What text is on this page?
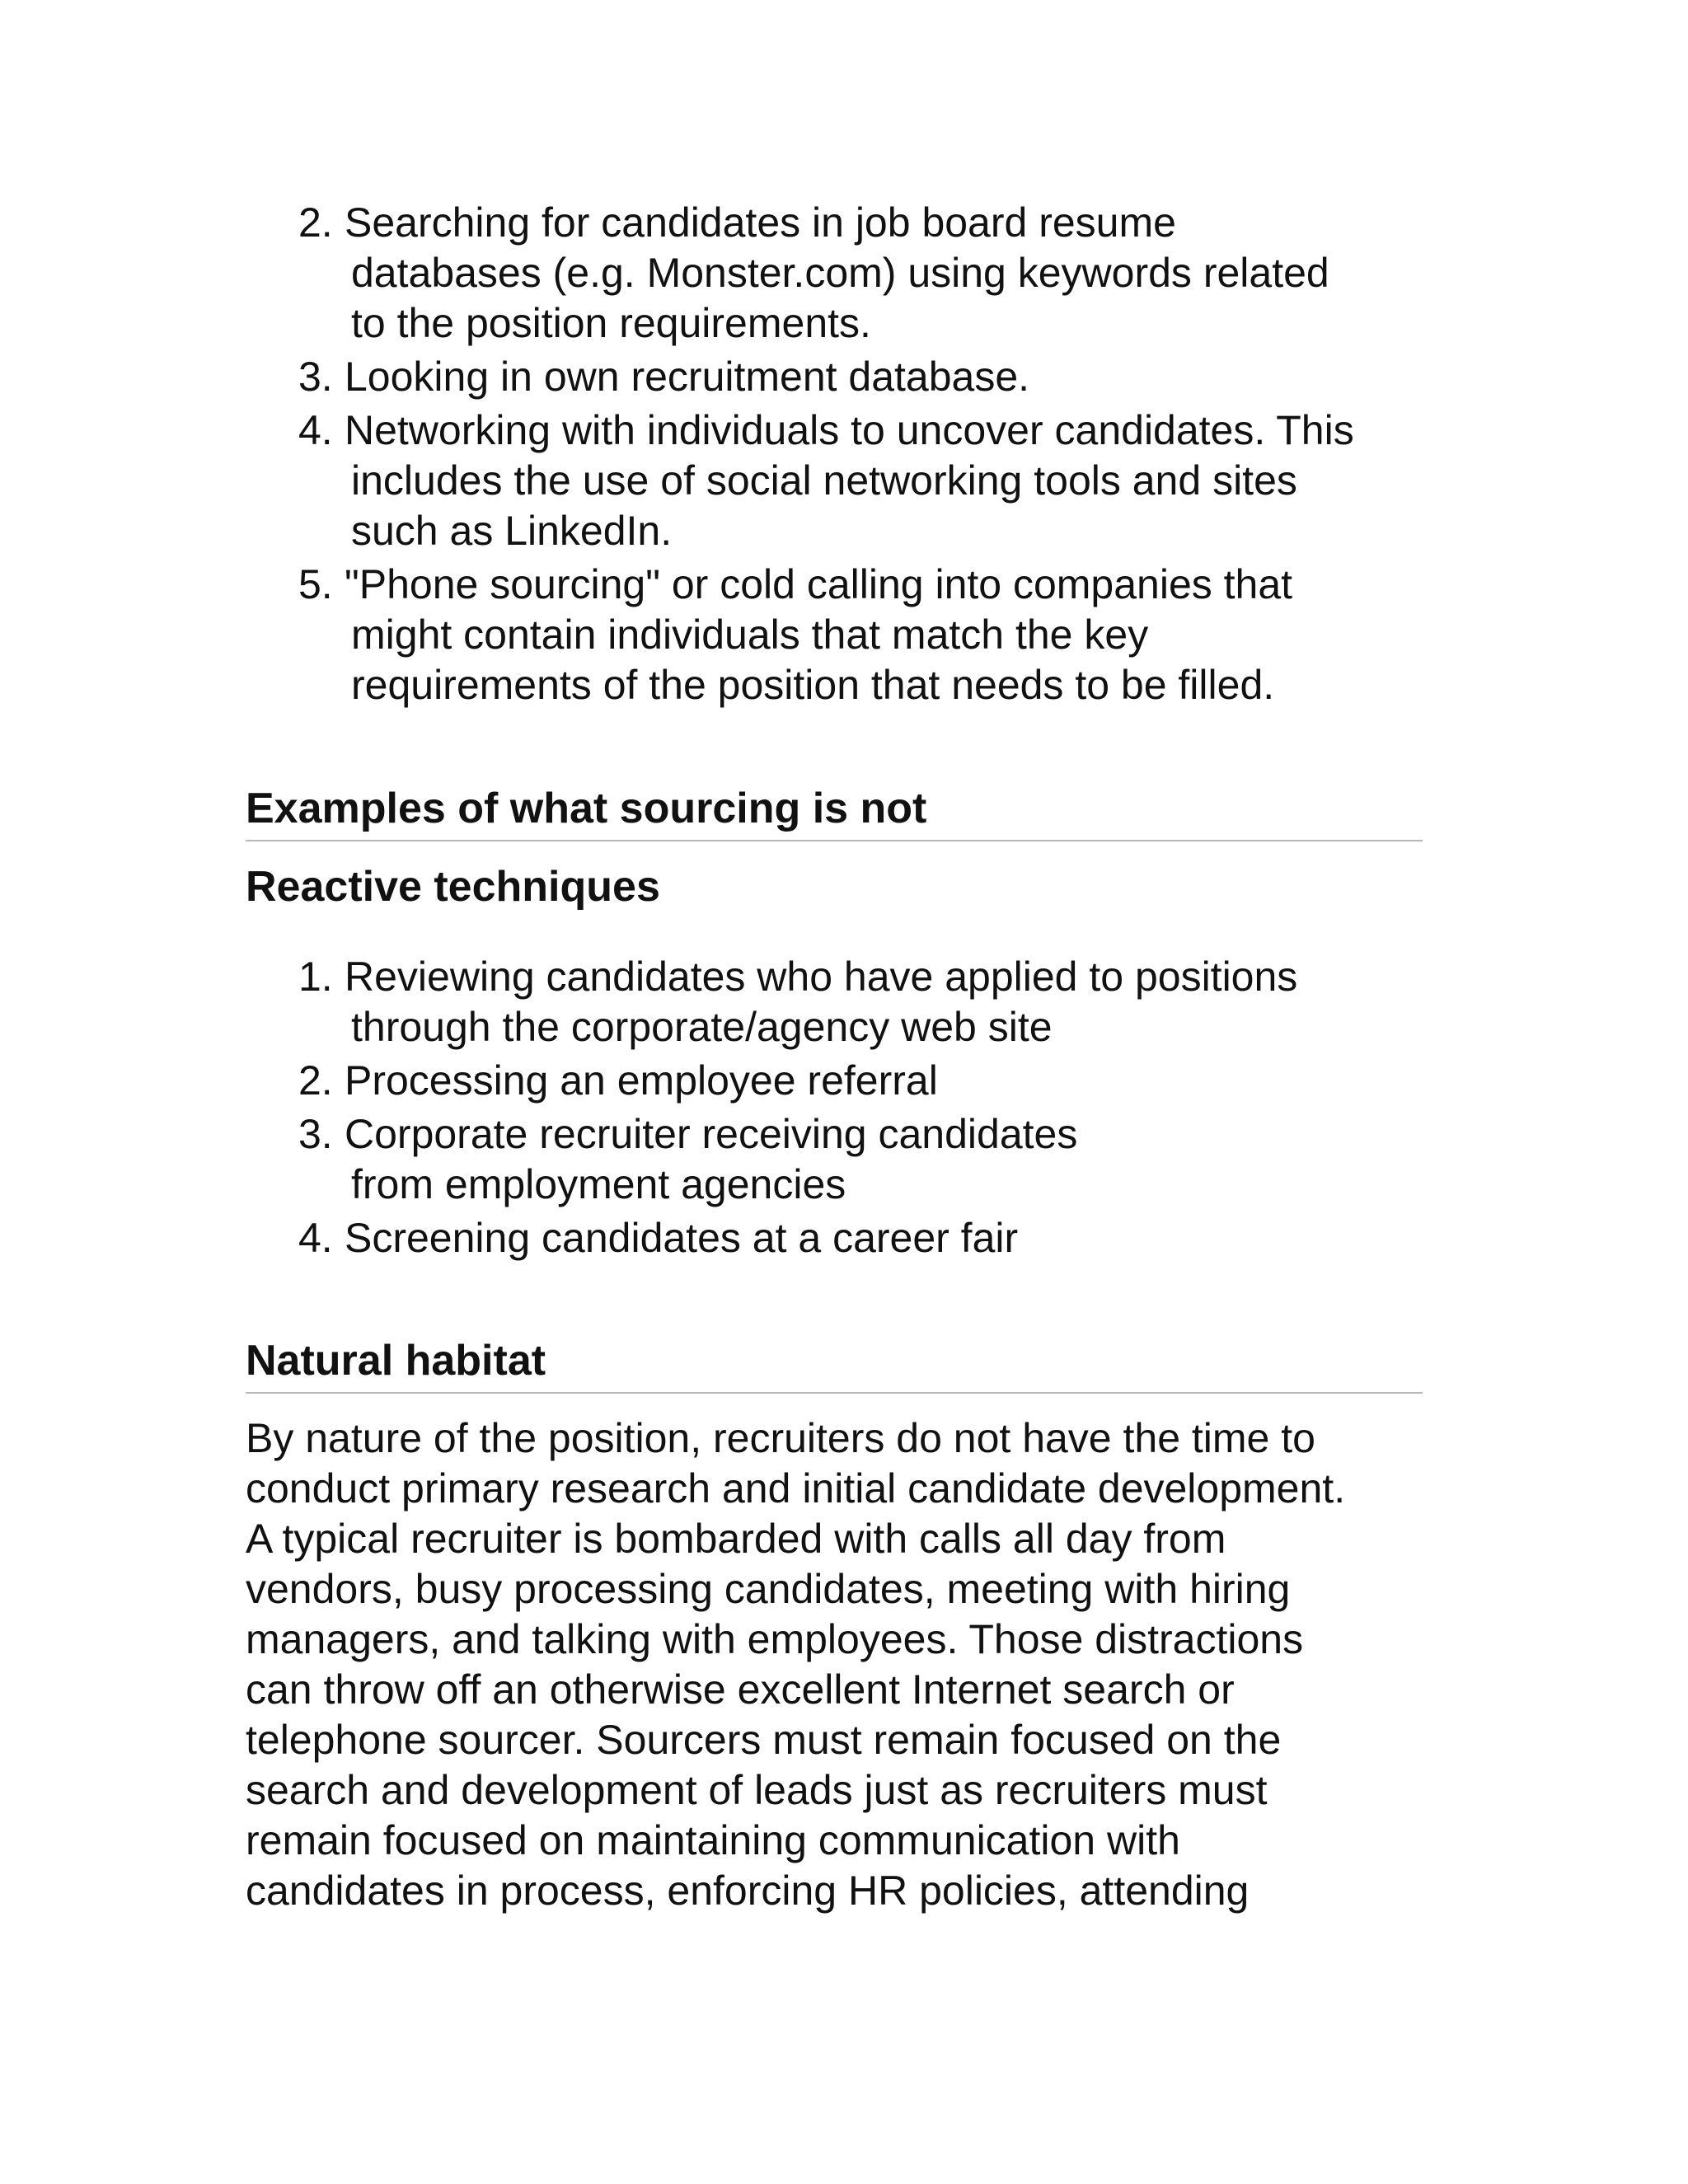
2. Searching for candidates in job board resume
databases (e.g. Monster.com) using keywords related
to the position requirements.
3. Looking in own recruitment database.
4. Networking with individuals to uncover candidates. This
includes the use of social networking tools and sites
such as LinkedIn.
5. "Phone sourcing" or cold calling into companies that
might contain individuals that match the key
requirements of the position that needs to be filled.
Examples of what sourcing is not
Reactive techniques
1. Reviewing candidates who have applied to positions
through the corporate/agency web site
2. Processing an employee referral
3. Corporate recruiter receiving candidates
from employment agencies
4. Screening candidates at a career fair
Natural habitat

By nature of the position, recruiters do not have the time to
conduct primary research and initial candidate development.
A typical recruiter is bombarded with calls all day from
vendors, busy processing candidates, meeting with hiring
managers, and talking with employees. Those distractions
can throw off an otherwise excellent Internet search or
telephone sourcer. Sourcers must remain focused on the
search and development of leads just as recruiters must
remain focused on maintaining communication with
candidates in process, enforcing HR policies, attending
